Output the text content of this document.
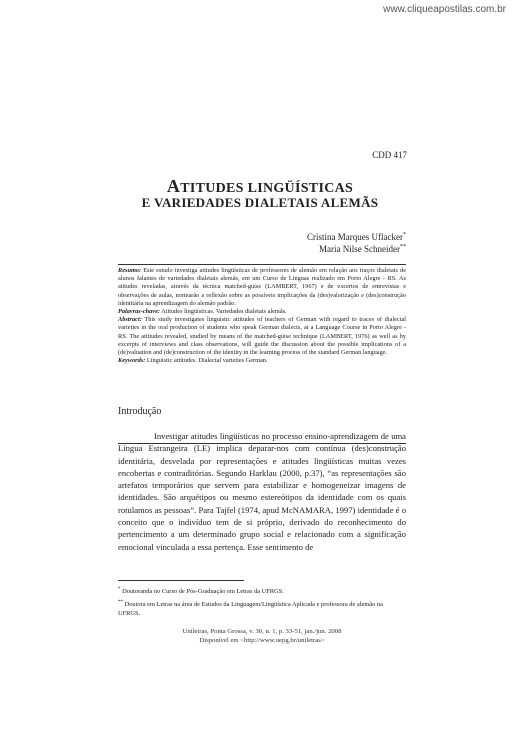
www.cliqueapostilas.com.br
CDD 417
ATITUDES LINGÜÍSTICAS
E VARIEDADES DIALETAIS ALEMÃS
Cristina Marques Uflacker*
Maria Nilse Schneider**

Resumo: Este estudo investiga atitudes lingüísticas de professores de alemão em relação aos traços dialetais de alunos falantes de variedades dialetais alemãs, em um Curso de Línguas realizado em Porto Alegre - RS. As atitudes reveladas, através da técnica matched-guise (LAMBERT, 1967) e de excertos de entrevistas e observações de aulas, nortearão a reflexão sobre as possíveis implicações da (des)valorização e (des)construção identitária na aprendizagem do alemão padrão.

Palavras-chave: Atitudes lingüísticas. Variedades dialetais alemãs.

Abstract: This study investigates linguistic attitudes of teachers of German with regard to traces of dialectal varieties in the oral production of students who speak German dialects, at a Language Course in Porto Alegre - RS. The attitudes revealed, studied by means of the matched-guise technique (LAMBERT, 1976) as well as by excerpts of interviews and class observations, will guide the discussion about the possible implications of a (de)valuation and (de)construction of the identity in the learning process of the standard German language.

Keywords: Linguistic attitudes. Dialectal varieties German.

Introdução

Investigar atitudes lingüísticas no processo ensino-aprendizagem de uma Língua Estrangeira (LE) implica deparar-nos com contínua (des)construção identitária, desvelada por representações e atitudes lingüísticas muitas vezes encobertas e contraditórias. Segundo Harklau (2000, p.37), “as representações são artefatos temporários que servem para estabilizar e homogeneizar imagens de identidades. São arquétipos ou mesmo estereótipos da identidade com os quais rotulamos as pessoas”. Para Tajfel (1974, apud McNAMARA, 1997) identidade é o conceito que o indivíduo tem de si próprio, derivado do reconhecimento do pertencimento a um determinado grupo social e relacionado com a significação emocional vinculada a essa pertença. Esse sentimento de

* Doutoranda no Curso de Pós-Graduação em Letras da UFRGS.

** Doutora em Letras na área de Estudos da Linguagem/Lingüística Aplicada e professora de alemão na UFRGS.

Uniletras, Ponta Grossa, v. 30, n. 1, p. 33-51, jan./jun. 2008
Disponível em <http://www.uepg.br/uniletras>
